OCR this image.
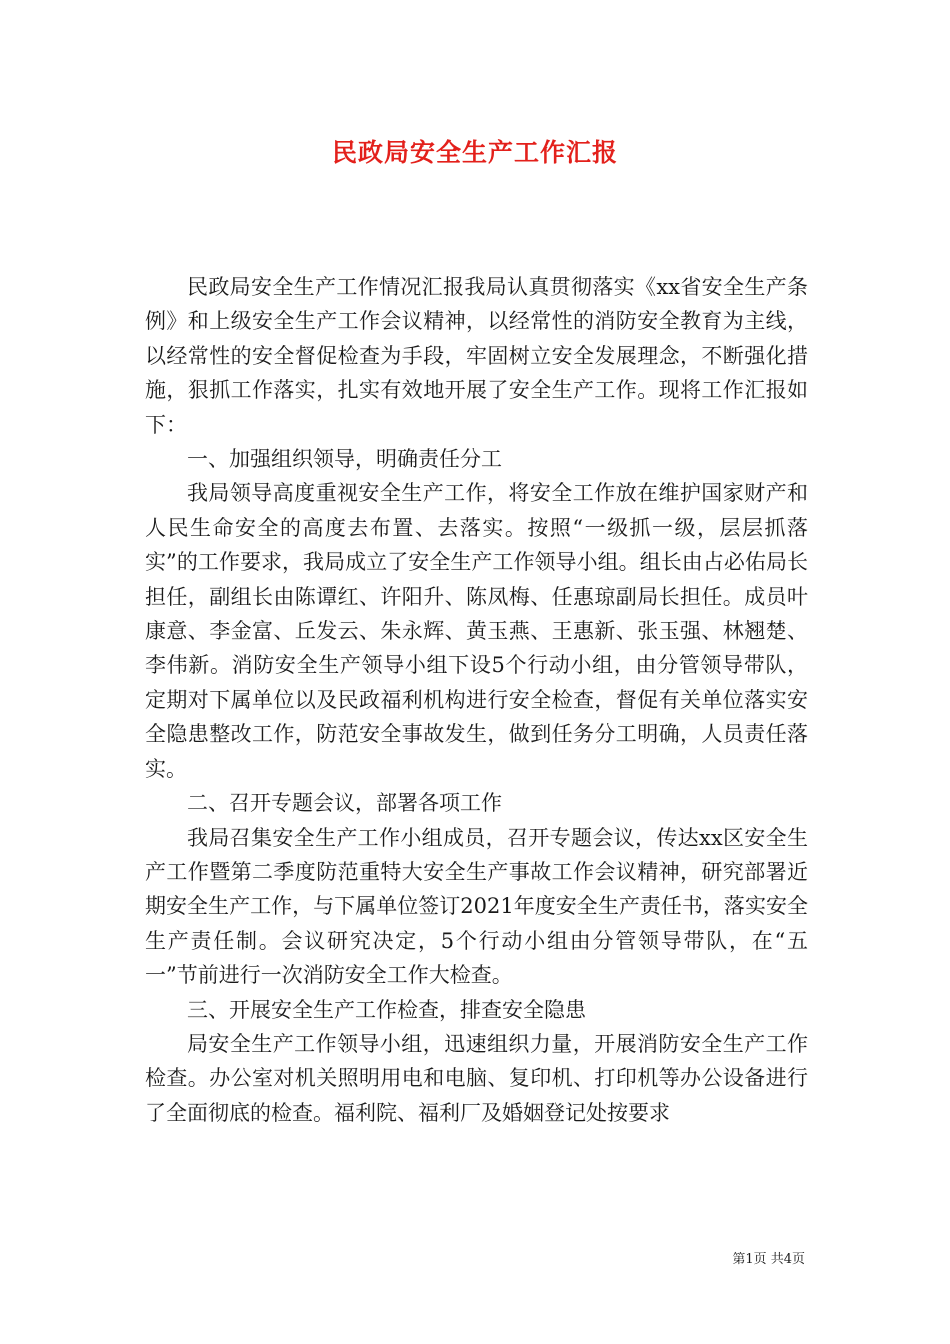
民政局安全生产工作汇报

民政局安全生产工作情况汇报我局认真贯彻落实《xx省安全生产条例》和上级安全生产工作会议精神，以经常性的消防安全教育为主线，以经常性的安全督促检查为手段，牢固树立安全发展理念，不断强化措施，狠抓工作落实，扎实有效地开展了安全生产工作。现将工作汇报如下：

一、加强组织领导，明确责任分工

我局领导高度重视安全生产工作，将安全工作放在维护国家财产和人民生命安全的高度去布置、去落实。按照“一级抓一级，层层抓落实”的工作要求，我局成立了安全生产工作领导小组。组长由占必佑局长担任，副组长由陈谭红、许阳升、陈凤梅、任惠琼副局长担任。成员叶康意、李金富、丘发云、朱永辉、黄玉燕、王惠新、张玉强、林翘楚、李伟新。消防安全生产领导小组下设5个行动小组，由分管领导带队，定期对下属单位以及民政福利机构进行安全检查，督促有关单位落实安全隐患整改工作，防范安全事故发生，做到任务分工明确，人员责任落实。

二、召开专题会议，部署各项工作

我局召集安全生产工作小组成员，召开专题会议，传达xx区安全生产工作暨第二季度防范重特大安全生产事故工作会议精神，研究部署近期安全生产工作，与下属单位签订2021年度安全生产责任书，落实安全生产责任制。会议研究决定，5个行动小组由分管领导带队，在“五一”节前进行一次消防安全工作大检查。

三、开展安全生产工作检查，排查安全隐患

局安全生产工作领导小组，迅速组织力量，开展消防安全生产工作检查。办公室对机关照明用电和电脑、复印机、打印机等办公设备进行了全面彻底的检查。福利院、福利厂及婚姻登记处按要求

第1页 共4页
